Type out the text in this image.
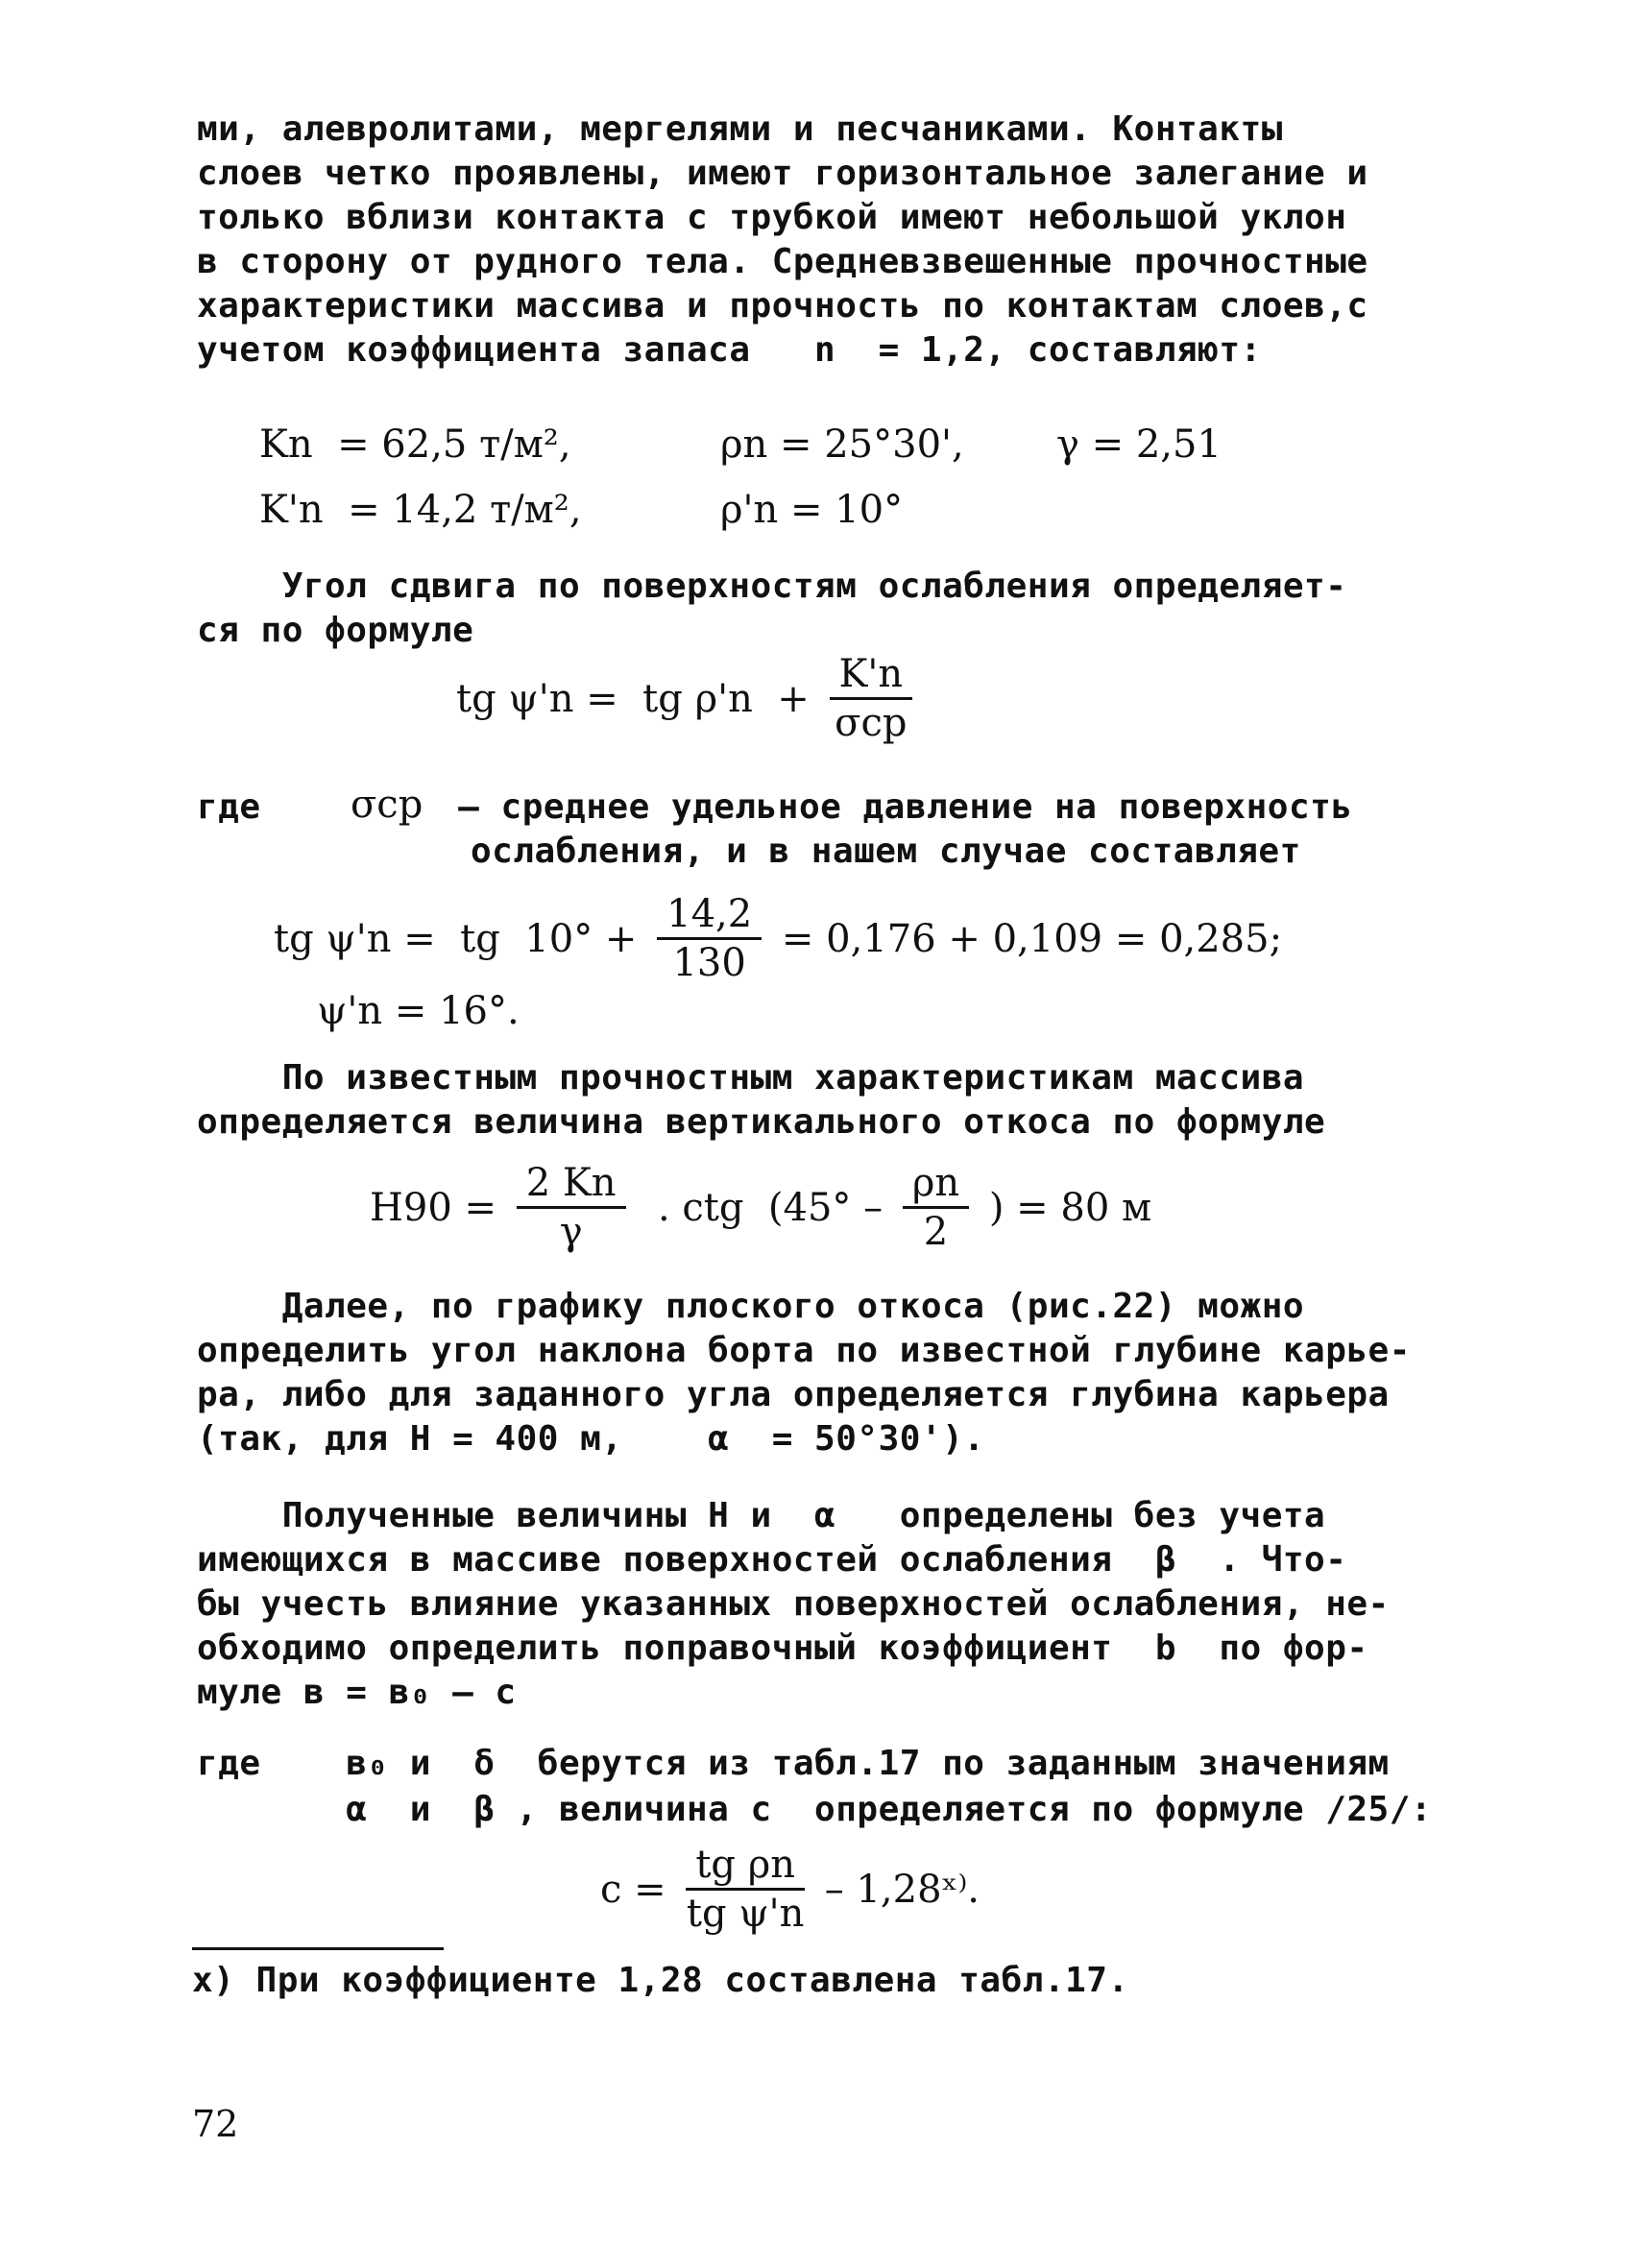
ми, алевролитами, мергелями и песчаниками. Контакты
слоев четко проявлены, имеют горизонтальное залегание и
только вблизи контакта с трубкой имеют небольшой уклон
в сторону от рудного тела. Средневзвешенные прочностные
характеристики массива и прочность по контактам слоев,с
учетом коэффициента запаса   n  = 1,2, составляют:
Kn  = 62,5 т/м²,	ρn = 25°30', γ = 2,51
K'n  = 14,2 т/м²,	ρ'n = 10°
Угол сдвига по поверхностям ослабления определяет-
ся по формуле
tg ψ'n =  tg $\rho'n + \frac{K'n}{\text{σcp}}$
где σcp – среднее удельное давление на поверхность
ослабления, и в нашем случае составляет
tg ψ'n =  tg  $10^\circ + \frac{14,2}{130} = 0,176 + 0,109 = 0,285$;
ψ'n = 16°.
По известным прочностным характеристикам массива
определяется величина вертикального откоса по формуле
$H90 = \frac{2 Kn}{\gamma}$ . ctg  ($45^\circ - \frac{\rho n}{2}$ ) = 80 м
Далее, по графику плоского откоса (рис.22) можно
определить угол наклона борта по известной глубине карье-
ра, либо для заданного угла определяется глубина карьера
(так, для H = 400 м,    α  = 50°30').
Полученные величины H и  α   определены без учета
имеющихся в массиве поверхностей ослабления  β  . Что-
бы учесть влияние указанных поверхностей ослабления, не-
обходимо определить поправочный коэффициент  b  по фор-
муле в = в₀ – с
где    в₀ и  δ  берутся из табл.17 по заданным значениям
α  и  β , величина с  определяется по формуле /25/:
$c = \frac{\text{tg ρn}}{\text{tg ψ'n}}$ – 1,28ˣ⁾.
x) При коэффициенте 1,28 составлена табл.17.
72
